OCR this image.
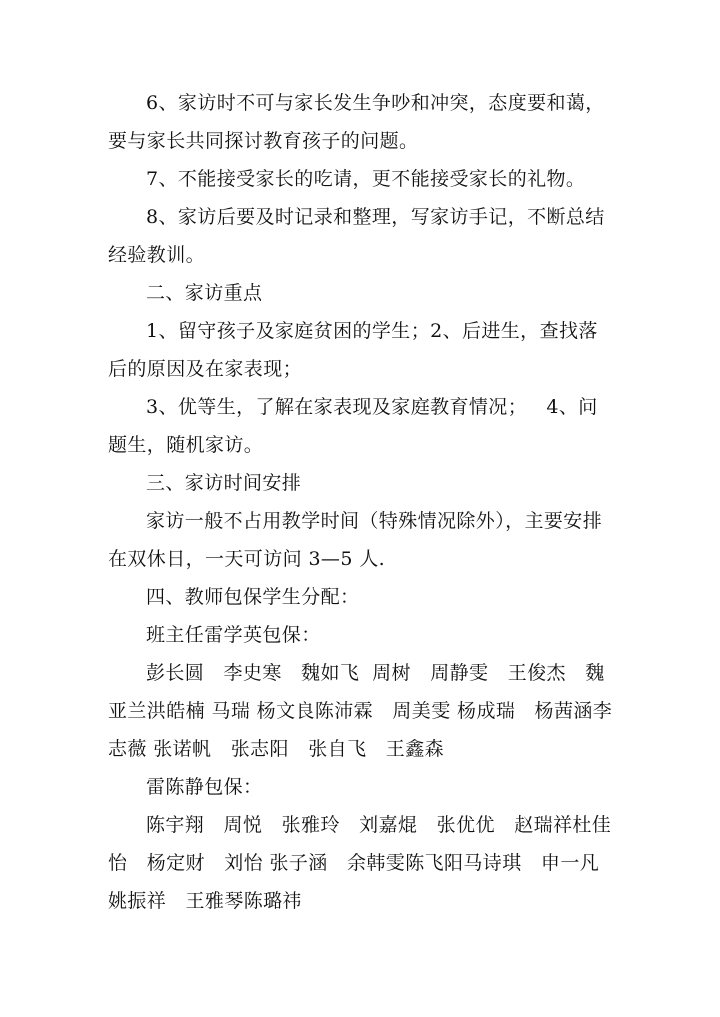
6、家访时不可与家长发生争吵和冲突，态度要和蔼，要与家长共同探讨教育孩子的问题。

7、不能接受家长的吃请，更不能接受家长的礼物。

8、家访后要及时记录和整理，写家访手记，不断总结经验教训。

二、家访重点

1、留守孩子及家庭贫困的学生；2、后进生，查找落后的原因及在家表现；

3、优等生，了解在家表现及家庭教育情况；   4、问题生，随机家访。

三、家访时间安排

家访一般不占用教学时间（特殊情况除外），主要安排在双休日，一天可访问 3—5 人.

四、教师包保学生分配：

班主任雷学英包保：

彭长圆   李史寒   魏如飞  周树   周静雯   王俊杰   魏亚兰洪皓楠 马瑞 杨文良陈沛霖   周美雯 杨成瑞   杨茜涵李志薇 张诺帆   张志阳   张自飞   王鑫森

雷陈静包保：

陈宇翔   周悦   张雅玲   刘嘉焜   张优优   赵瑞祥杜佳怡   杨定财   刘怡 张子涵   余韩雯陈飞阳马诗琪   申一凡   姚振祥   王雅琴陈璐祎
